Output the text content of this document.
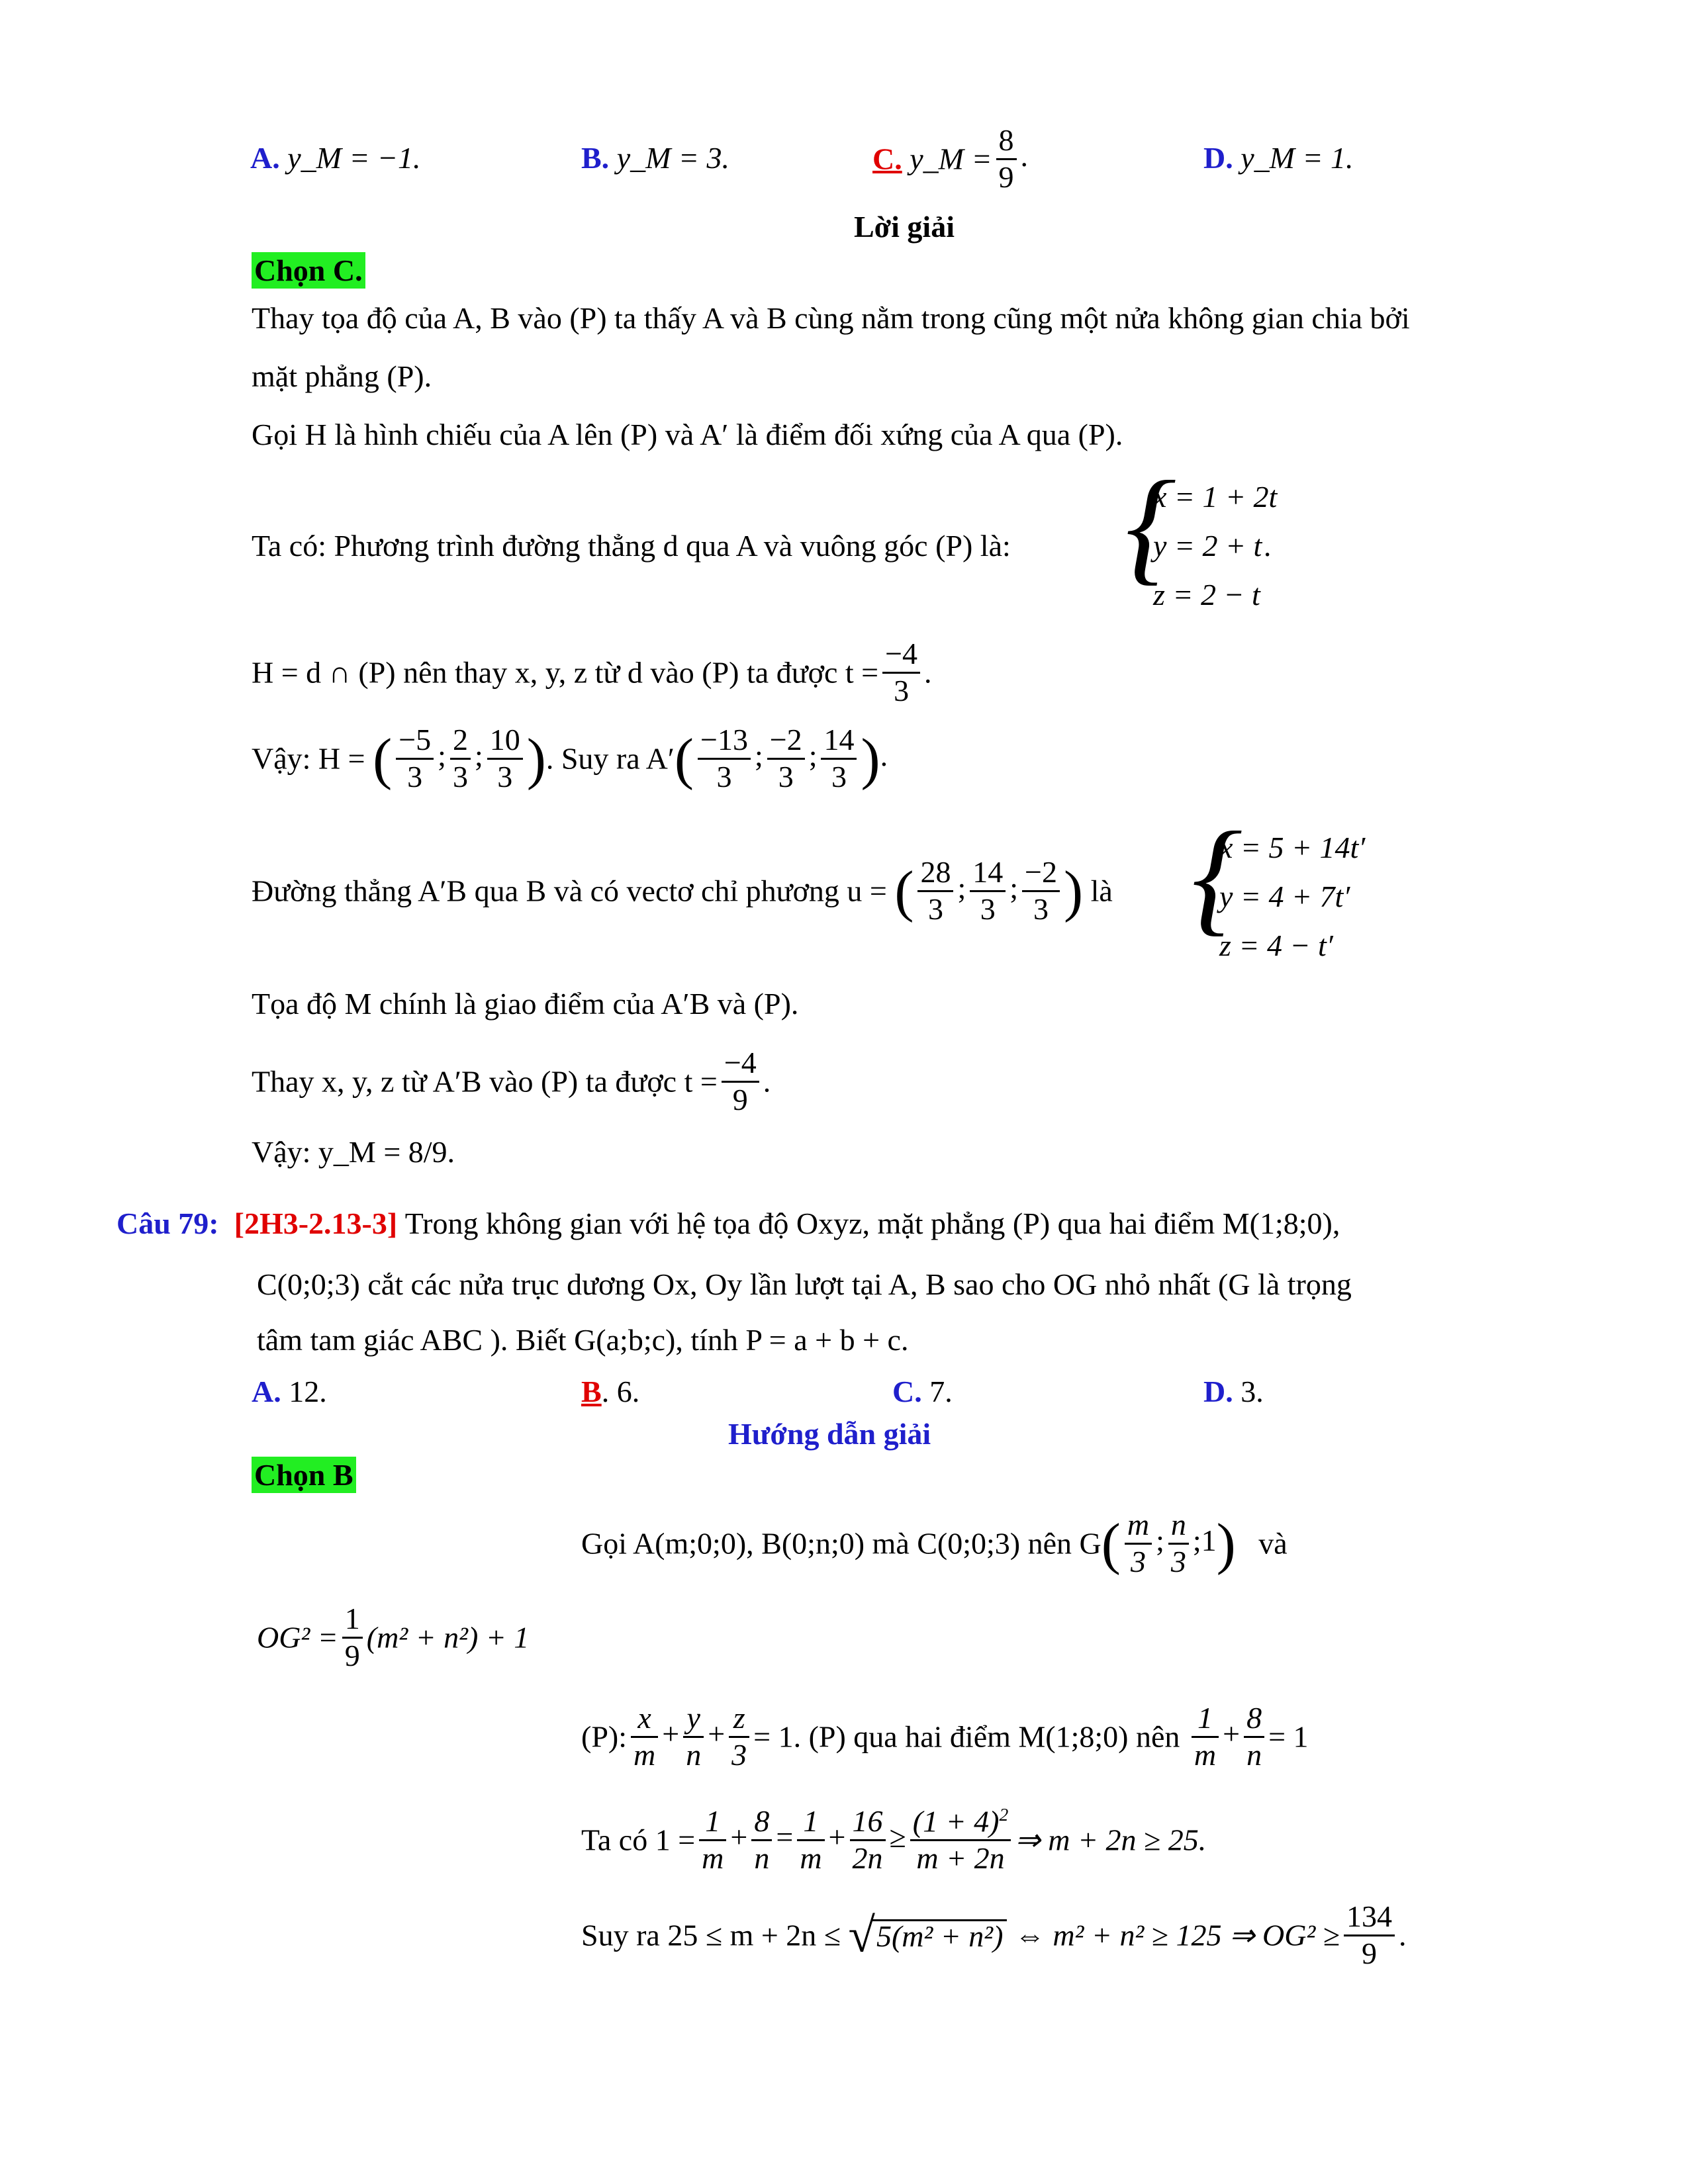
A. y_M = −1.	B. y_M = 3.	C. y_M = $\frac{8}{9}$ .	D. y_M = 1.
Lời giải
Chọn C.
Thay tọa độ của A, B vào (P) ta thấy A và B cùng nằm trong cũng một nửa không gian chia bởi
mặt phẳng (P).
Gọi H là hình chiếu của A lên (P) và A′ là điểm đối xứng của A qua (P).
Ta có: Phương trình đường thẳng d qua A và vuông góc (P) là: {
x = 1 + 2t
y = 2 + t
z = 2 − t
.
H = d ∩ (P) nên thay x, y, z từ d vào (P) ta được $t = \frac{-4}{3}$ .
Vậy: H = ( $\frac{-5}{3}$ ; $\frac{2}{3}$ ; $\frac{10}{3}$ ). Suy ra $A'( \frac{-13}{3}$ ; $\frac{-2}{3}$ ; $\frac{14}{3}$ ).
Đường thẳng A′B qua B và có vectơ chỉ phương u = ( $\frac{28}{3}$ ; $\frac{14}{3}$ ; $\frac{-2}{3}$ ) là {
x = 5 + 14t′
y = 4 + 7t′
z = 4 − t′
Tọa độ M chính là giao điểm của A′B và (P).
Thay x, y, z từ A′B vào (P) ta được $t = \frac{-4}{9}$ .
Vậy: y_M = 8/9.
Câu 79: [2H3-2.13-3] Trong không gian với hệ tọa độ Oxyz, mặt phẳng (P) qua hai điểm M(1;8;0),
C(0;0;3) cắt các nửa trục dương Ox, Oy lần lượt tại A, B sao cho OG nhỏ nhất (G là trọng
tâm tam giác ABC ). Biết G(a;b;c), tính P = a + b + c.
A. 12.	B. 6.	C. 7.	D. 3.
Hướng dẫn giải
Chọn B
Gọi A(m;0;0), B(0;n;0) mà C(0;0;3) nên $G( \frac{m}{3}$ ; $\frac{n}{3}$ ;1) và
$OG^2 = \frac{1}{9} (m^2 + n^2) + 1$
(P): $\frac{x}{m} + \frac{y}{n} + \frac{z}{3} = 1$. (P) qua hai điểm M(1;8;0) nên $\frac{1}{m} + \frac{8}{n} = 1$
Ta có $1 = \frac{1}{m} + \frac{8}{n} = \frac{1}{m} + \frac{16}{2n} \ge \frac{(1 + 4)^2}{m + 2n}$ ⇒ m + 2n ≥ 25.
Suy ra 25 ≤ m + 2n ≤ √5(m² + n²) ⇔ m² + n² ≥ 125 ⇒ $OG^2 \ge \frac{134}{9}$ .
